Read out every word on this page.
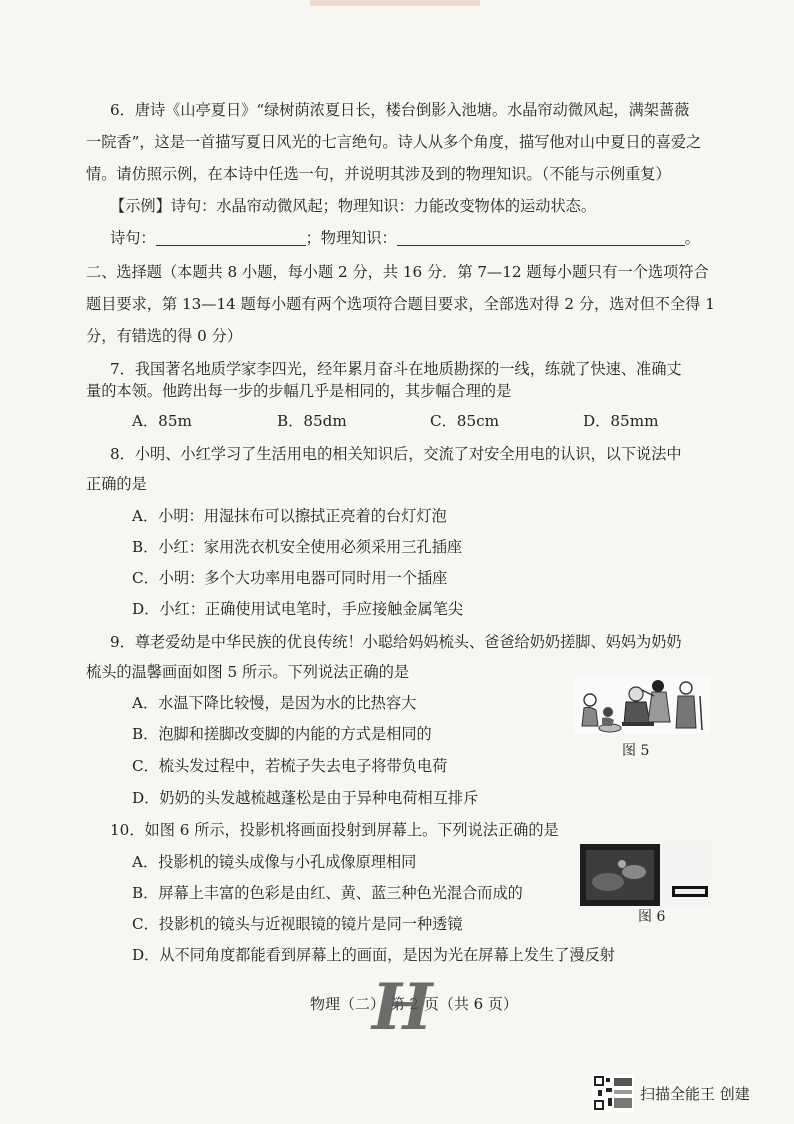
6．唐诗《山亭夏日》“绿树荫浓夏日长，楼台倒影入池塘。水晶帘动微风起，满架蔷薇
一院香”，这是一首描写夏日风光的七言绝句。诗人从多个角度，描写他对山中夏日的喜爱之
情。请仿照示例，在本诗中任选一句，并说明其涉及到的物理知识。（不能与示例重复）
【示例】诗句：水晶帘动微风起；物理知识：力能改变物体的运动状态。
诗句：	；物理知识：	。
二、选择题（本题共 8 小题，每小题 2 分，共 16 分．第 7—12 题每小题只有一个选项符合
题目要求，第 13—14 题每小题有两个选项符合题目要求，全部选对得 2 分，选对但不全得 1
分，有错选的得 0 分）
7．我国著名地质学家李四光，经年累月奋斗在地质勘探的一线，练就了快速、准确丈
量的本领。他跨出每一步的步幅几乎是相同的，其步幅合理的是
A．85m	B．85dm	C．85cm	D．85mm
8．小明、小红学习了生活用电的相关知识后，交流了对安全用电的认识，以下说法中
正确的是
A．小明：用湿抹布可以擦拭正亮着的台灯灯泡
B．小红：家用洗衣机安全使用必须采用三孔插座
C．小明：多个大功率用电器可同时用一个插座
D．小红：正确使用试电笔时，手应接触金属笔尖
9．尊老爱幼是中华民族的优良传统！小聪给妈妈梳头、爸爸给奶奶搓脚、妈妈为奶奶
梳头的温馨画面如图 5 所示。下列说法正确的是
A．水温下降比较慢，是因为水的比热容大
B．泡脚和搓脚改变脚的内能的方式是相同的
C．梳头发过程中，若梳子失去电子将带负电荷
D．奶奶的头发越梳越蓬松是由于异种电荷相互排斥
图 5
10．如图 6 所示，投影机将画面投射到屏幕上。下列说法正确的是
A．投影机的镜头成像与小孔成像原理相同
B．屏幕上丰富的色彩是由红、黄、蓝三种色光混合而成的
C．投影机的镜头与近视眼镜的镜片是同一种透镜
D．从不同角度都能看到屏幕上的画面，是因为光在屏幕上发生了漫反射
图 6
物理（二） 第 2 页（共 6 页）
H
扫描全能王 创建
